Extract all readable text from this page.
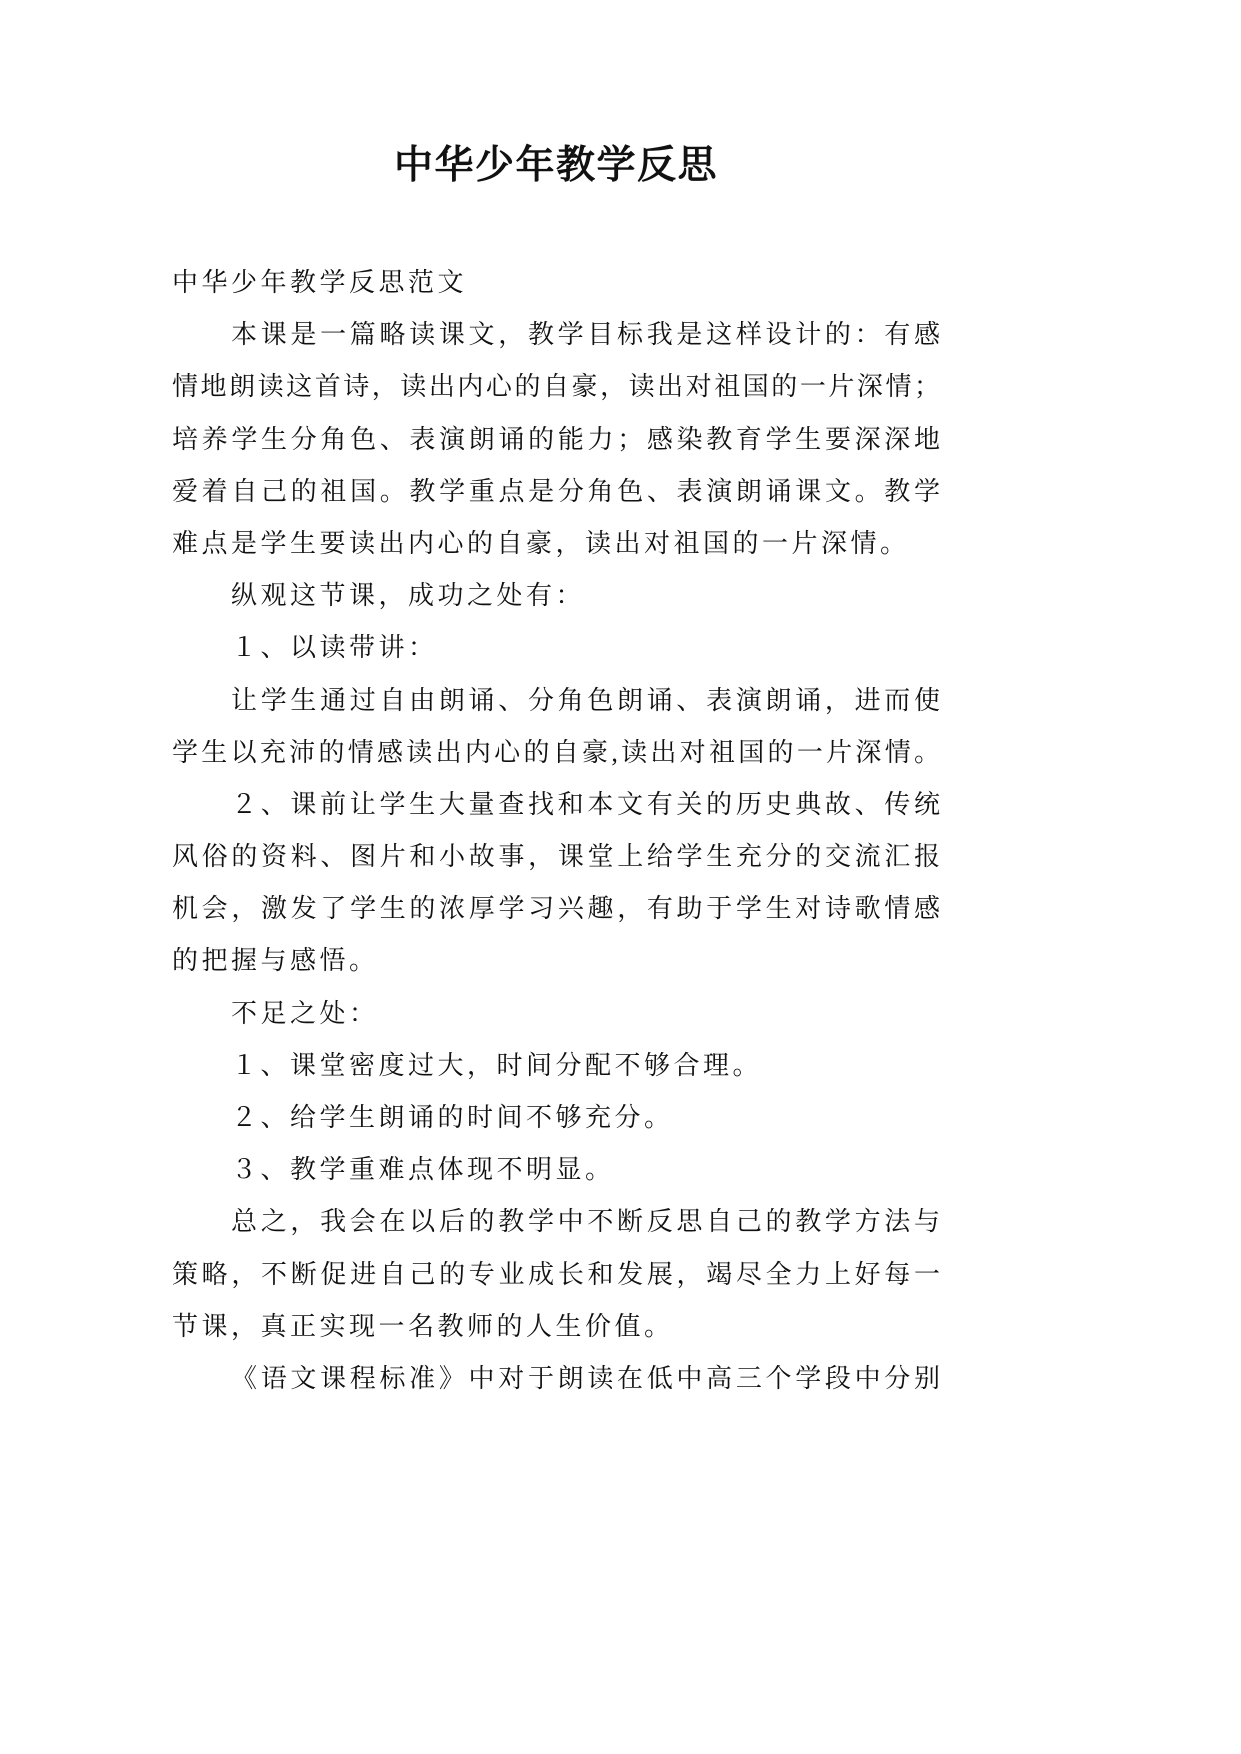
中华少年教学反思
中华少年教学反思范文
本课是一篇略读课文，教学目标我是这样设计的：有感
情地朗读这首诗，读出内心的自豪，读出对祖国的一片深情；
培养学生分角色、表演朗诵的能力；感染教育学生要深深地
爱着自己的祖国。教学重点是分角色、表演朗诵课文。教学
难点是学生要读出内心的自豪，读出对祖国的一片深情。
纵观这节课，成功之处有：
１、以读带讲：
让学生通过自由朗诵、分角色朗诵、表演朗诵，进而使
学生以充沛的情感读出内心的自豪,读出对祖国的一片深情。
２、课前让学生大量查找和本文有关的历史典故、传统
风俗的资料、图片和小故事，课堂上给学生充分的交流汇报
机会，激发了学生的浓厚学习兴趣，有助于学生对诗歌情感
的把握与感悟。
不足之处：
１、课堂密度过大，时间分配不够合理。
２、给学生朗诵的时间不够充分。
３、教学重难点体现不明显。
总之，我会在以后的教学中不断反思自己的教学方法与
策略，不断促进自己的专业成长和发展，竭尽全力上好每一
节课，真正实现一名教师的人生价值。
《语文课程标准》中对于朗读在低中高三个学段中分别
